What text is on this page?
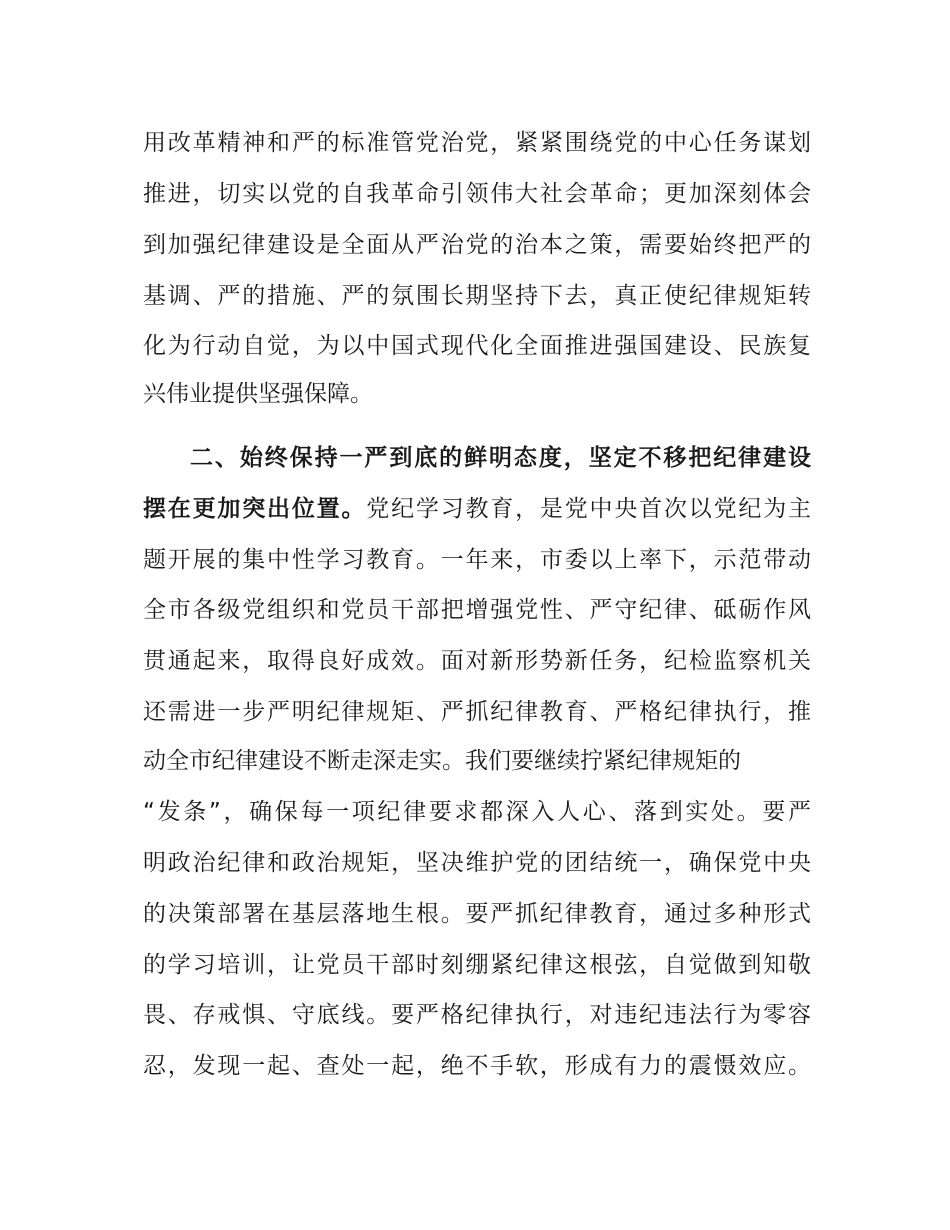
用改革精神和严的标准管党治党，紧紧围绕党的中心任务谋划
推进，切实以党的自我革命引领伟大社会革命；更加深刻体会
到加强纪律建设是全面从严治党的治本之策，需要始终把严的
基调、严的措施、严的氛围长期坚持下去，真正使纪律规矩转
化为行动自觉，为以中国式现代化全面推进强国建设、民族复
兴伟业提供坚强保障。
二、始终保持一严到底的鲜明态度，坚定不移把纪律建设
摆在更加突出位置。党纪学习教育，是党中央首次以党纪为主
题开展的集中性学习教育。一年来，市委以上率下，示范带动
全市各级党组织和党员干部把增强党性、严守纪律、砥砺作风
贯通起来，取得良好成效。面对新形势新任务，纪检监察机关
还需进一步严明纪律规矩、严抓纪律教育、严格纪律执行，推
动全市纪律建设不断走深走实。我们要继续拧紧纪律规矩的
“发条”，确保每一项纪律要求都深入人心、落到实处。要严
明政治纪律和政治规矩，坚决维护党的团结统一，确保党中央
的决策部署在基层落地生根。要严抓纪律教育，通过多种形式
的学习培训，让党员干部时刻绷紧纪律这根弦，自觉做到知敬
畏、存戒惧、守底线。要严格纪律执行，对违纪违法行为零容
忍，发现一起、查处一起，绝不手软，形成有力的震慑效应。
